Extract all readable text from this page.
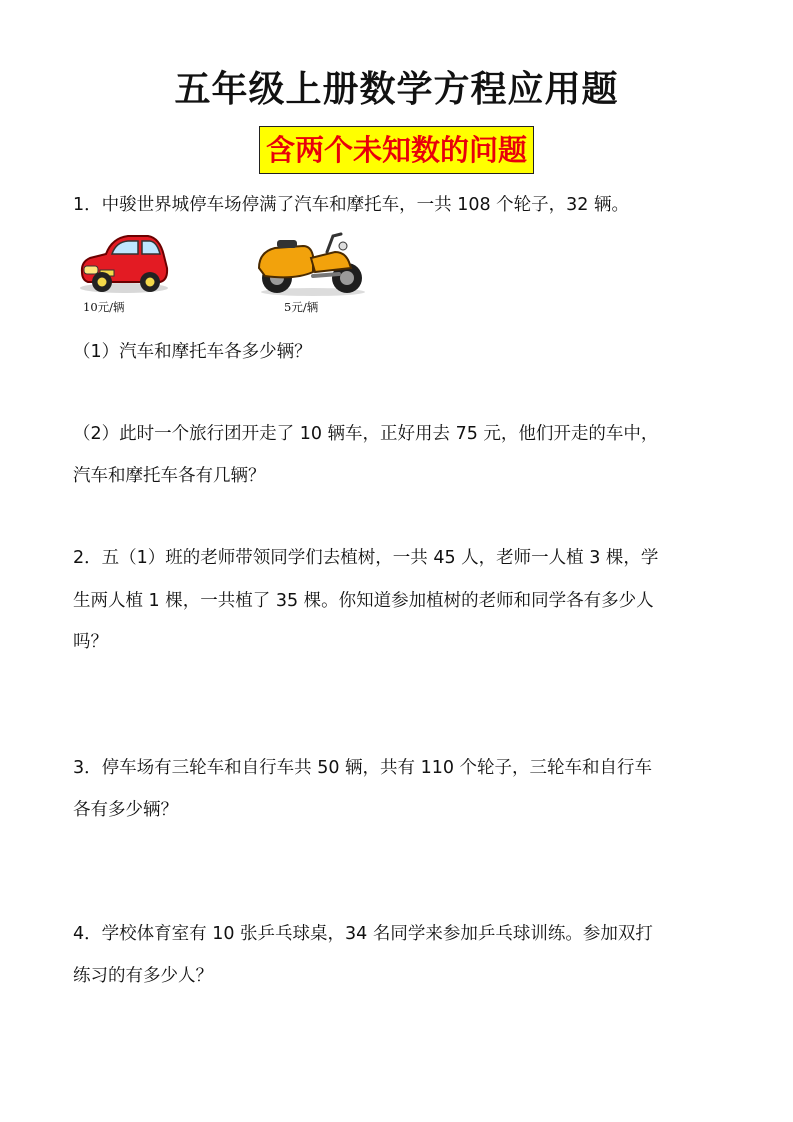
五年级上册数学方程应用题
含两个未知数的问题
1．中骏世界城停车场停满了汽车和摩托车，一共 108 个轮子，32 辆。
10元/辆	5元/辆
（1）汽车和摩托车各多少辆？
（2）此时一个旅行团开走了 10 辆车，正好用去 75 元，他们开走的车中，
汽车和摩托车各有几辆？
2．五（1）班的老师带领同学们去植树，一共 45 人，老师一人植 3 棵，学
生两人植 1 棵，一共植了 35 棵。你知道参加植树的老师和同学各有多少人
吗？
3．停车场有三轮车和自行车共 50 辆，共有 110 个轮子，三轮车和自行车
各有多少辆？
4．学校体育室有 10 张乒乓球桌，34 名同学来参加乒乓球训练。参加双打
练习的有多少人？
